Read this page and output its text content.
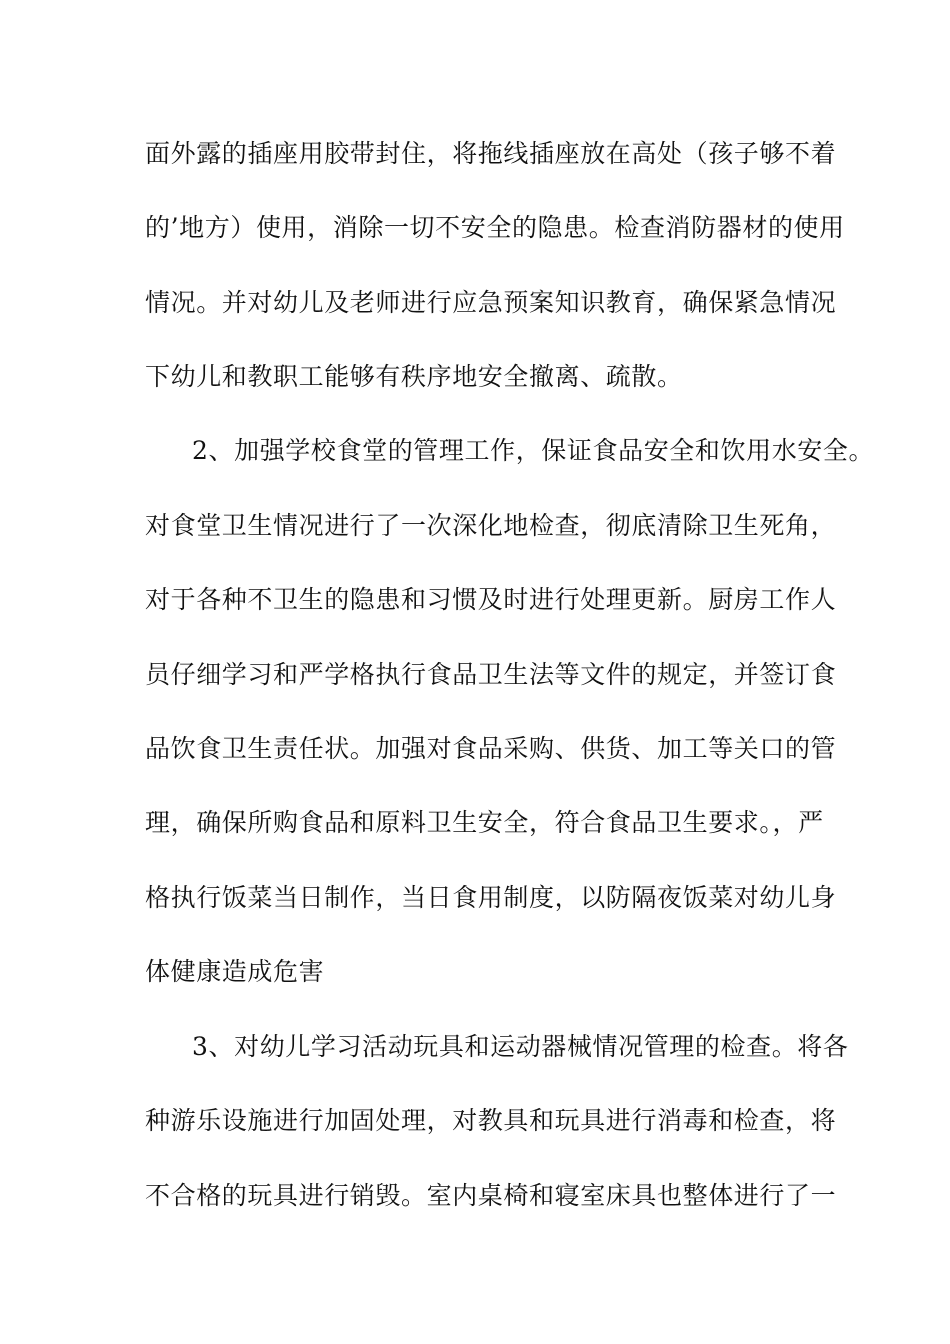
面外露的插座用胶带封住，将拖线插座放在高处（孩子够不着
的’地方）使用，消除一切不安全的隐患。检查消防器材的使用
情况。并对幼儿及老师进行应急预案知识教育，确保紧急情况
下幼儿和教职工能够有秩序地安全撤离、疏散。
2、加强学校食堂的管理工作，保证食品安全和饮用水安全。
对食堂卫生情况进行了一次深化地检查，彻底清除卫生死角，
对于各种不卫生的隐患和习惯及时进行处理更新。厨房工作人
员仔细学习和严学格执行食品卫生法等文件的规定，并签订食
品饮食卫生责任状。加强对食品采购、供货、加工等关口的管
理，确保所购食品和原料卫生安全，符合食品卫生要求。，严
格执行饭菜当日制作，当日食用制度，以防隔夜饭菜对幼儿身
体健康造成危害
3、对幼儿学习活动玩具和运动器械情况管理的检查。将各
种游乐设施进行加固处理，对教具和玩具进行消毒和检查，将
不合格的玩具进行销毁。室内桌椅和寝室床具也整体进行了一
